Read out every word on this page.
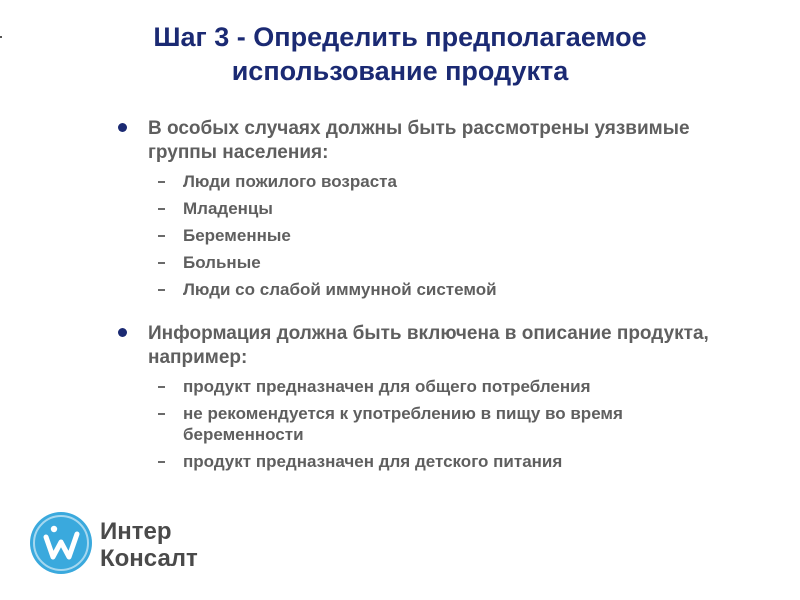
Шаг 3 - Определить предполагаемое
использование продукта
В особых случаях должны быть рассмотрены уязвимые группы населения:
Люди пожилого возраста
Младенцы
Беременные
Больные
Люди со слабой иммунной системой
Информация должна быть включена в описание продукта, например:
продукт предназначен для общего потребления
не рекомендуется к употреблению в пищу во время беременности
продукт предназначен для детского питания
Интер
Консалт
